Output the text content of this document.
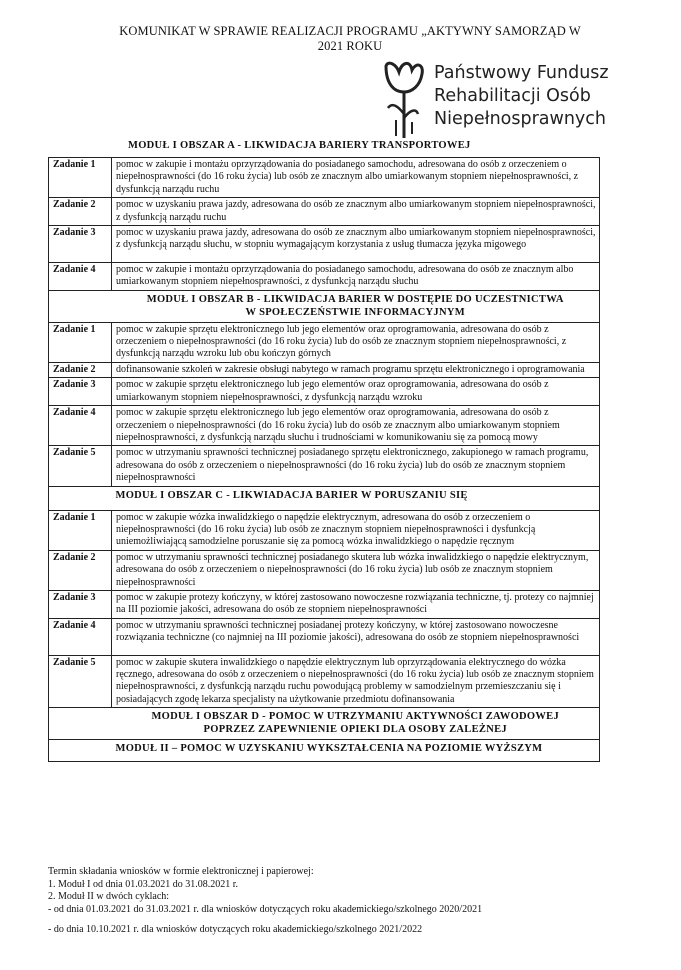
KOMUNIKAT W SPRAWIE REALIZACJI PROGRAMU „AKTYWNY SAMORZĄD W
2021 ROKU
Państwowy Fundusz
Rehabilitacji Osób
Niepełnosprawnych
MODUŁ I OBSZAR A - LIKWIDACJA BARIERY TRANSPORTOWEJ
Zadanie 1	pomoc w zakupie i montażu oprzyrządowania do posiadanego samochodu, adresowana do osób z orzeczeniem o niepełnosprawności (do 16 roku życia) lub osób ze znacznym albo umiarkowanym stopniem niepełnosprawności, z dysfunkcją narządu ruchu
Zadanie 2	pomoc w uzyskaniu prawa jazdy, adresowana do osób ze znacznym albo umiarkowanym stopniem niepełnosprawności, z dysfunkcją narządu ruchu
Zadanie 3	pomoc w uzyskaniu prawa jazdy, adresowana do osób ze znacznym albo umiarkowanym stopniem niepełnosprawności, z dysfunkcją narządu słuchu, w stopniu wymagającym korzystania z usług tłumacza języka migowego
Zadanie 4	pomoc w zakupie i montażu oprzyrządowania do posiadanego samochodu, adresowana do osób ze znacznym albo umiarkowanym stopniem niepełnosprawności, z dysfunkcją narządu słuchu

	MODUŁ I OBSZAR B - LIKWIDACJA BARIER W DOSTĘPIE DO UCZESTNICTWA
W SPOŁECZEŃSTWIE INFORMACYJNYM

Zadanie 1	pomoc w zakupie sprzętu elektronicznego lub jego elementów oraz oprogramowania, adresowana do osób z orzeczeniem o niepełnosprawności (do 16 roku życia) lub do osób ze znacznym stopniem niepełnosprawności, z dysfunkcją narządu wzroku lub obu kończyn górnych
Zadanie 2	dofinansowanie szkoleń w zakresie obsługi nabytego w ramach programu sprzętu elektronicznego i oprogramowania
Zadanie 3	pomoc w zakupie sprzętu elektronicznego lub jego elementów oraz oprogramowania, adresowana do osób z umiarkowanym stopniem niepełnosprawności, z dysfunkcją narządu wzroku
Zadanie 4	pomoc w zakupie sprzętu elektronicznego lub jego elementów oraz oprogramowania, adresowana do osób z orzeczeniem o niepełnosprawności (do 16 roku życia) lub do osób ze znacznym albo umiarkowanym stopniem niepełnosprawności, z dysfunkcją narządu słuchu i trudnościami w komunikowaniu się za pomocą mowy
Zadanie 5	pomoc w utrzymaniu sprawności technicznej posiadanego sprzętu elektronicznego, zakupionego w ramach programu, adresowana do osób z orzeczeniem o niepełnosprawności (do 16 roku życia) lub do osób ze znacznym stopniem niepełnosprawności
	MODUŁ I OBSZAR C - LIKWIADACJA BARIER W PORUSZANIU SIĘ
Zadanie 1	pomoc w zakupie wózka inwalidzkiego o napędzie elektrycznym, adresowana do osób z orzeczeniem o niepełnosprawności (do 16 roku życia) lub osób ze znacznym stopniem niepełnosprawności i dysfunkcją uniemożliwiającą samodzielne poruszanie się za pomocą wózka inwalidzkiego o napędzie ręcznym
Zadanie 2	pomoc w utrzymaniu sprawności technicznej posiadanego skutera lub wózka inwalidzkiego o napędzie elektrycznym, adresowana do osób z orzeczeniem o niepełnosprawności (do 16 roku życia) lub osób ze znacznym stopniem niepełnosprawności
Zadanie 3	pomoc w zakupie protezy kończyny, w której zastosowano nowoczesne rozwiązania techniczne, tj. protezy co najmniej na III poziomie jakości, adresowana do osób ze stopniem niepełnosprawności
Zadanie 4	pomoc w utrzymaniu sprawności technicznej posiadanej protezy kończyny, w której zastosowano nowoczesne rozwiązania techniczne (co najmniej na III poziomie jakości), adresowana do osób ze stopniem niepełnosprawności
Zadanie 5	pomoc w zakupie skutera inwalidzkiego o napędzie elektrycznym lub oprzyrządowania elektrycznego do wózka ręcznego, adresowana do osób z orzeczeniem o niepełnosprawności (do 16 roku życia) lub osób ze znacznym stopniem niepełnosprawności, z dysfunkcją narządu ruchu powodującą problemy w samodzielnym przemieszczaniu się i posiadających zgodę lekarza specjalisty na użytkowanie przedmiotu dofinansowania

	MODUŁ I OBSZAR D - POMOC W UTRZYMANIU AKTYWNOŚCI ZAWODOWEJ
POPRZEZ ZAPEWNIENIE OPIEKI DLA OSOBY ZALEŻNEJ

	MODUŁ II – POMOC W UZYSKANIU WYKSZTAŁCENIA NA POZIOMIE WYŻSZYM
Termin składania wniosków w formie elektronicznej i papierowej:
1. Moduł I od dnia 01.03.2021 do 31.08.2021 r.
2. Moduł II w dwóch cyklach:
- od dnia 01.03.2021 do 31.03.2021 r. dla wniosków dotyczących roku akademickiego/szkolnego 2020/2021
- do dnia 10.10.2021 r. dla wniosków dotyczących roku akademickiego/szkolnego 2021/2022
